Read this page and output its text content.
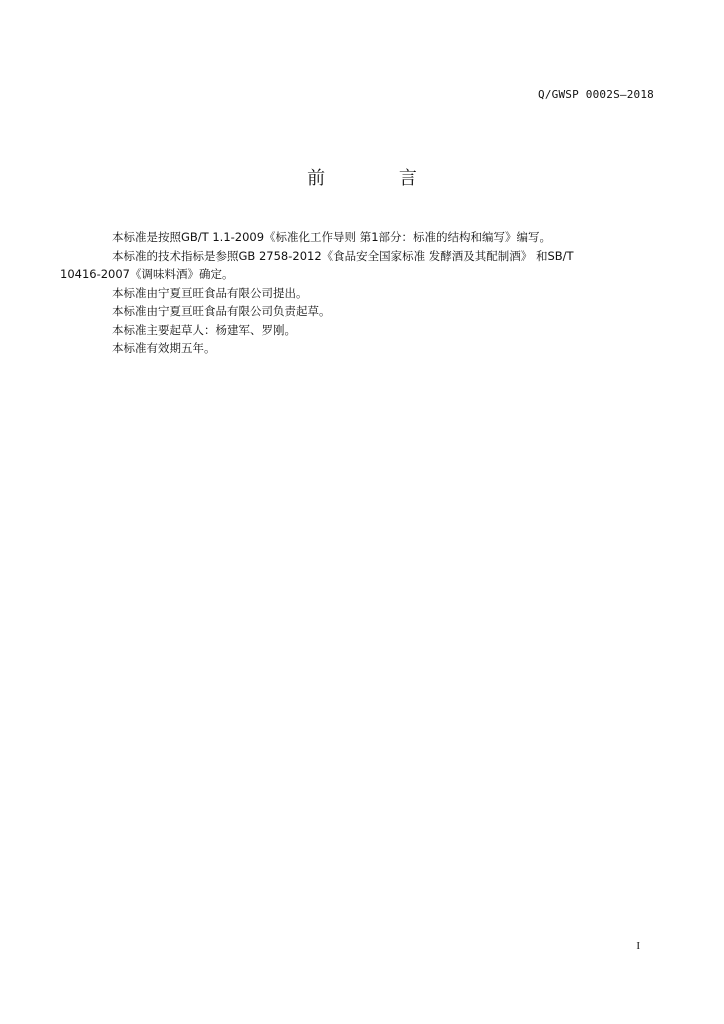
Q/GWSP 0002S—2018
前 言

本标准是按照GB/T 1.1-2009《标准化工作导则 第1部分：标准的结构和编写》编写。

本标准的技术指标是参照GB 2758-2012《食品安全国家标准 发酵酒及其配制酒》 和SB/T
10416-2007《调味料酒》确定。

本标准由宁夏亘旺食品有限公司提出。

本标准由宁夏亘旺食品有限公司负责起草。

本标准主要起草人：杨建军、罗刚。

本标准有效期五年。

I
